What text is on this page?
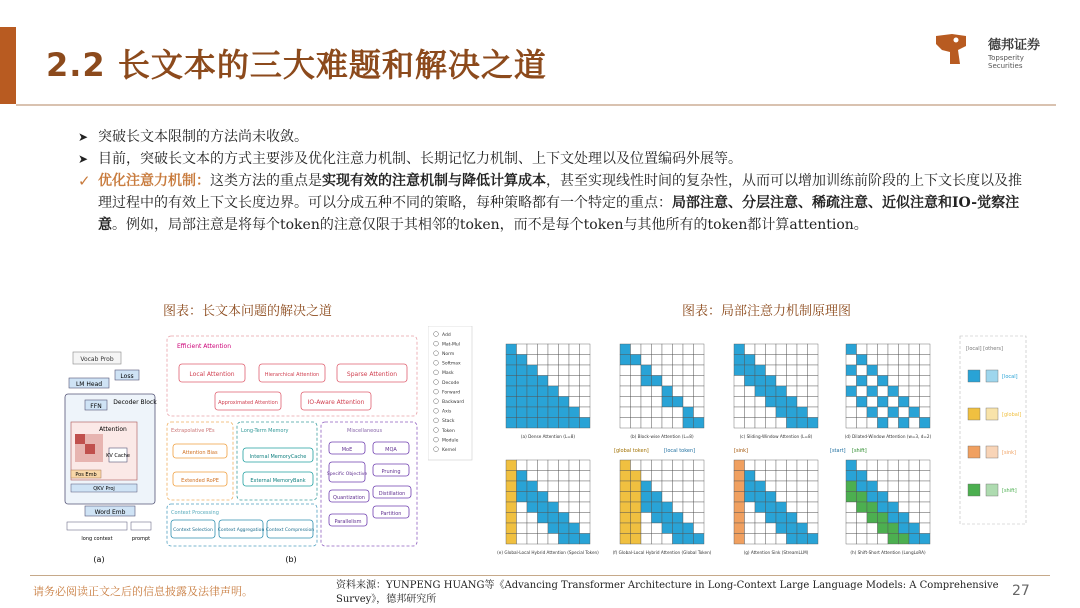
2.2 长文本的三大难题和解决之道
德邦证券
Topsperity Securities
➤ 突破长文本限制的方法尚未收敛。
➤ 目前，突破长文本的方式主要涉及优化注意力机制、长期记忆力机制、上下文处理以及位置编码外展等。
✓ 优化注意力机制：这类方法的重点是实现有效的注意机制与降低计算成本，甚至实现线性时间的复杂性，从而可以增加训练前阶段的上下文长度以及推理过程中的有效上下文长度边界。可以分成五种不同的策略，每种策略都有一个特定的重点：局部注意、分层注意、稀疏注意、近似注意和IO-觉察注意。例如，局部注意是将每个token的注意仅限于其相邻的token，而不是每个token与其他所有的token都计算attention。
图表：长文本问题的解决之道	图表：局部注意力机制原理图
Vocab Prob
Loss
LM Head
Decoder Block
FFN
Attention
KV Cache
Pos Emb
QKV Proj
Word Emb
long context	prompt
(a)
Efficient Attention
Local Attention	Hierarchical Attention	Sparse Attention
Approximated Attention	IO-Aware Attention
Extrapolative PEs
Attention Bias
Extended RoPE
Long-Term Memory
Internal MemoryCache
External MemoryBank
Miscellaneous
MoE	MQA
Specific Objective	Pruning
Quantization
Distillation
Partition
Parallelism
Context Processing
Context Selection Context Aggregation Context Compression
(b)
Add
Mat-Mul
Norm
Softmax
Mask
Decode
Forward
Backward
Axis
Stack
Token
Module
Kernel
(a) Dense Attention (L=8)	(b) Block-wise Attention (L=8)	(c) Sliding-Window Attention (L=8)	(d) Dilated-Window Attention (w=3, d=2)
(e) Global-Local Hybrid Attention (Special Token)	(f) Global-Local Hybrid Attention (Global Token)	(g) Attention Sink (StreamLLM)	(h) Shift-Short Attention (LongLoRA)
[global token]	[local token]	[sink]	[start] [shift]
[local] [others]
[local]
[global]
[sink]
[shift]
请务必阅读正文之后的信息披露及法律声明。	资料来源：YUNPENG HUANG等《Advancing Transformer Architecture in Long-Context Large Language Models: A Comprehensive Survey》，德邦研究所
27
